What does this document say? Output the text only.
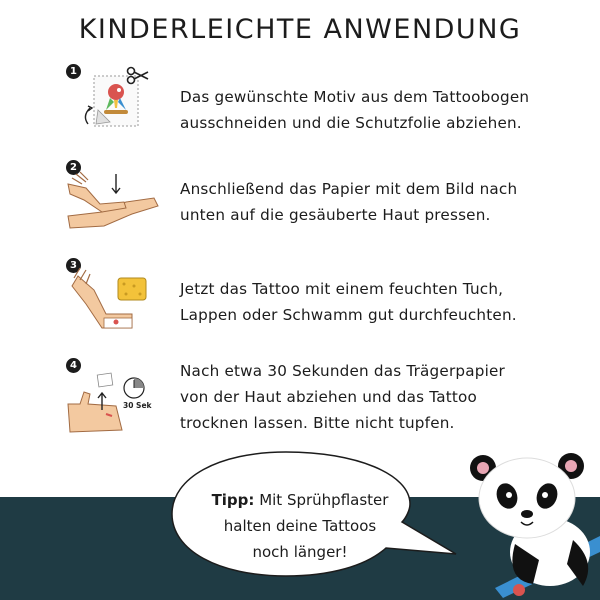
KINDERLEICHTE ANWENDUNG
1
Das gewünschte Motiv aus dem Tattoobogen
ausschneiden und die Schutzfolie abziehen.
2
Anschließend das Papier mit dem Bild nach
unten auf die gesäuberte Haut pressen.
3
Jetzt das Tattoo mit einem feuchten Tuch,
Lappen oder Schwamm gut durchfeuchten.
4
30 Sek
Nach etwa 30 Sekunden das Trägerpapier
von der Haut abziehen und das Tattoo
trocknen lassen. Bitte nicht tupfen.
Tipp: Mit Sprühpflaster
halten deine Tattoos
noch länger!
